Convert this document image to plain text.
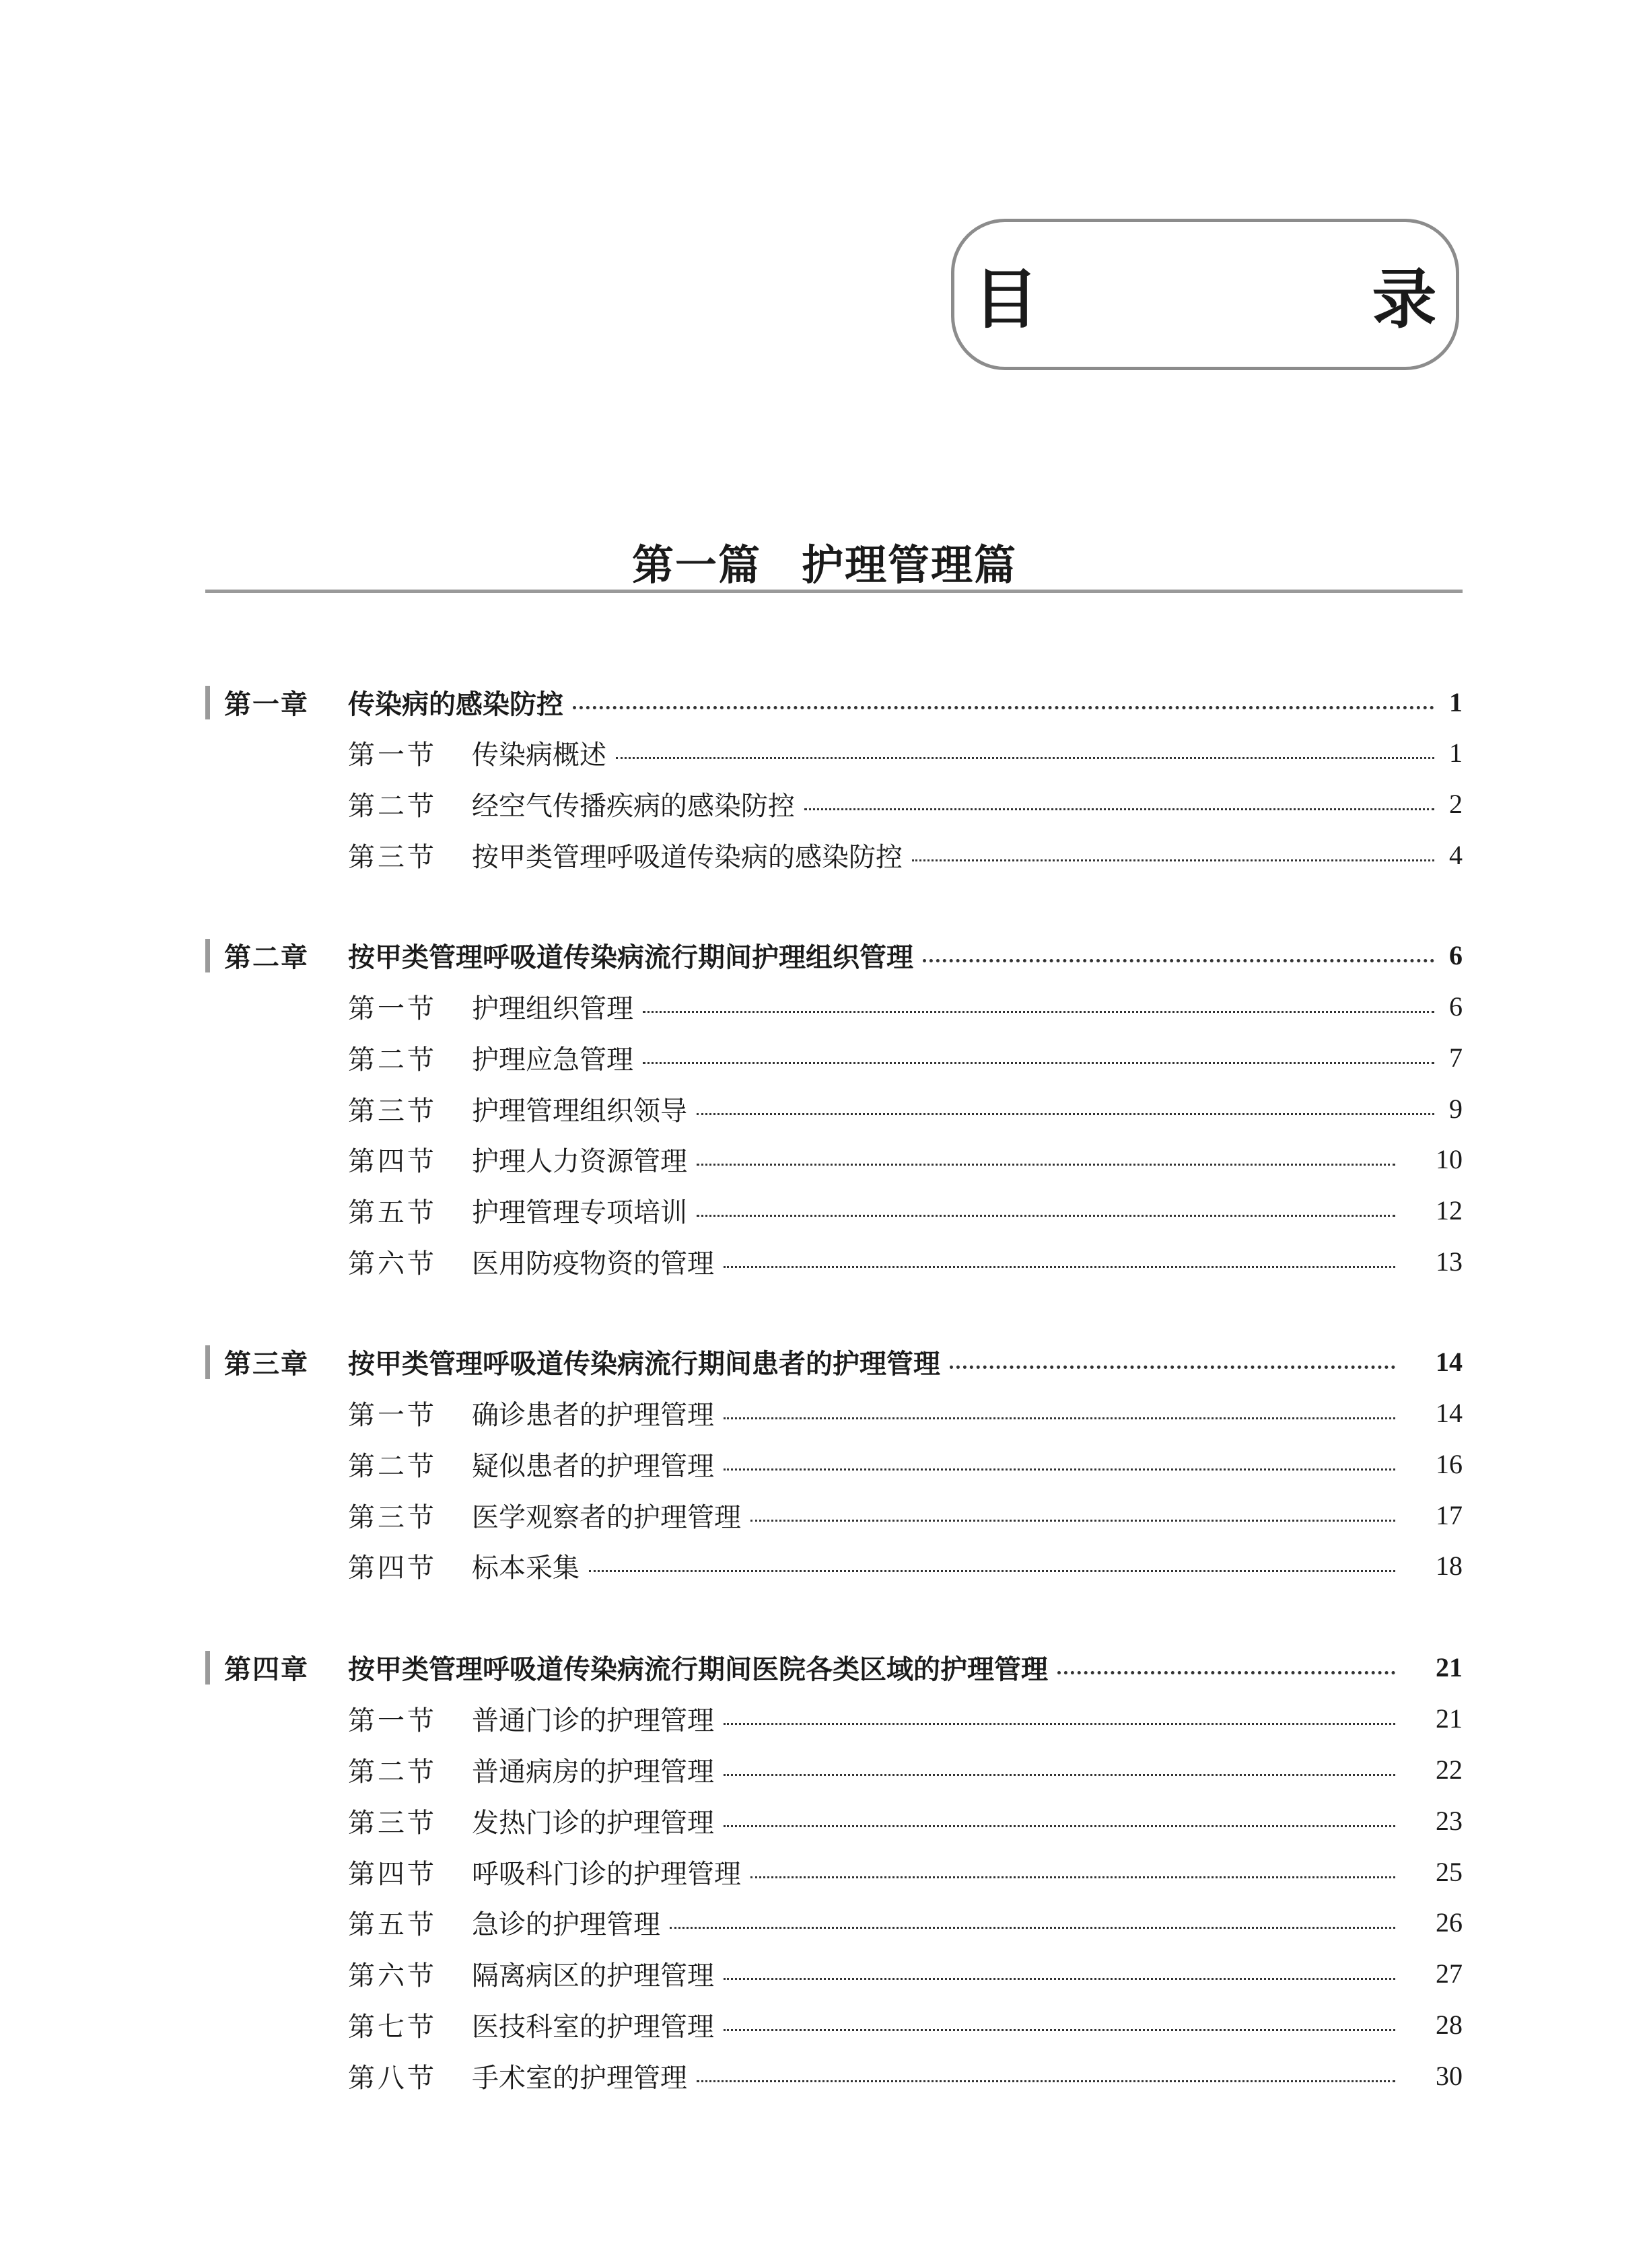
目　录
第一篇 护理管理篇
第一章 传染病的感染防控	1
第一节 传染病概述	1
第二节 经空气传播疾病的感染防控	2
第三节 按甲类管理呼吸道传染病的感染防控	4
第二章 按甲类管理呼吸道传染病流行期间护理组织管理	6
第一节 护理组织管理	6
第二节 护理应急管理	7
第三节 护理管理组织领导	9
第四节 护理人力资源管理	10
第五节 护理管理专项培训	12
第六节 医用防疫物资的管理	13
第三章 按甲类管理呼吸道传染病流行期间患者的护理管理	14
第一节 确诊患者的护理管理	14
第二节 疑似患者的护理管理	16
第三节 医学观察者的护理管理	17
第四节 标本采集	18
第四章 按甲类管理呼吸道传染病流行期间医院各类区域的护理管理	21
第一节 普通门诊的护理管理	21
第二节 普通病房的护理管理	22
第三节 发热门诊的护理管理	23
第四节 呼吸科门诊的护理管理	25
第五节 急诊的护理管理	26
第六节 隔离病区的护理管理	27
第七节 医技科室的护理管理	28
第八节 手术室的护理管理	30
